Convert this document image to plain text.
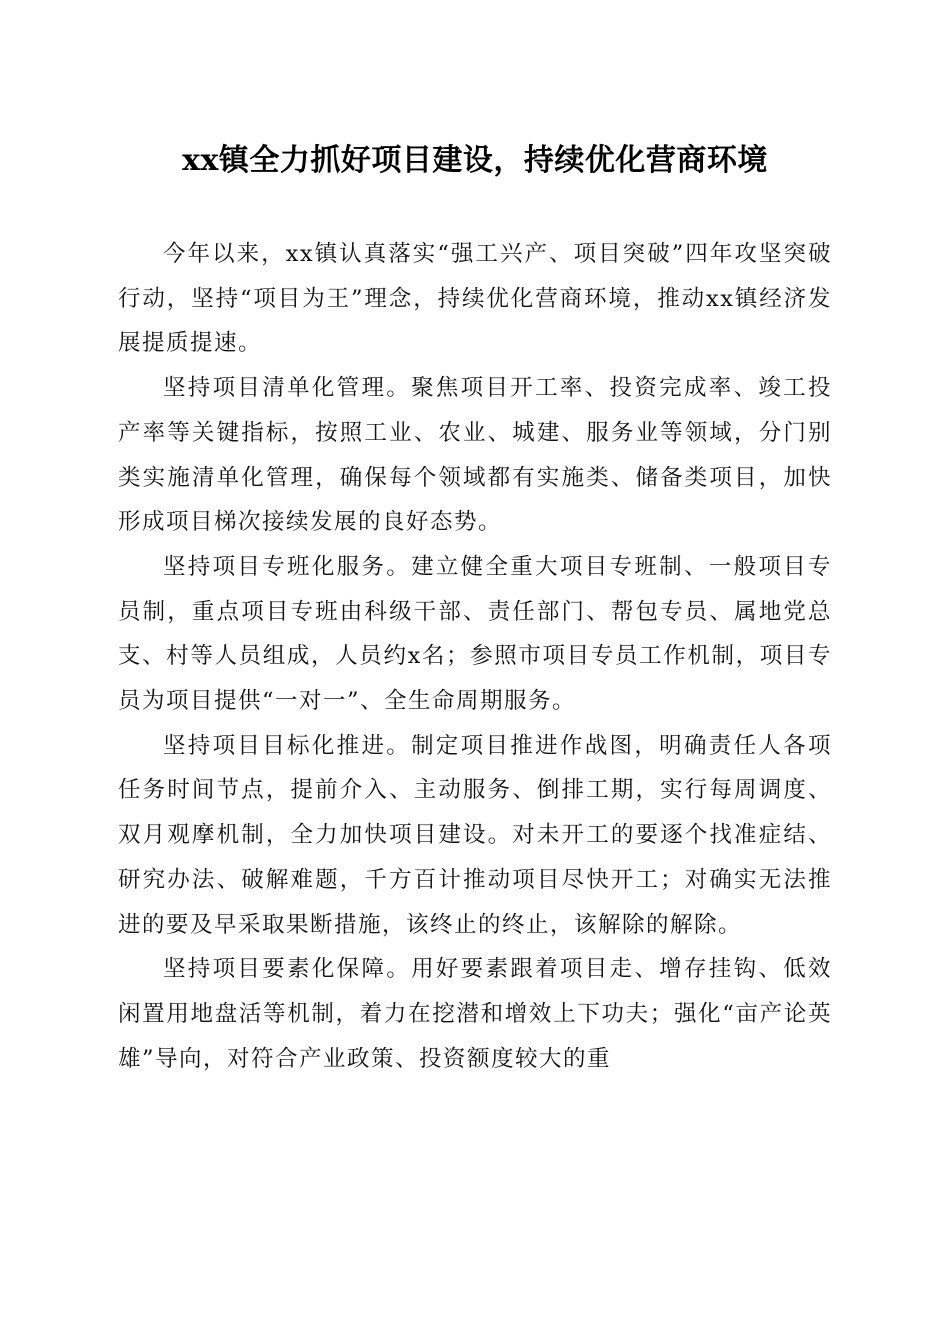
xx镇全力抓好项目建设，持续优化营商环境

今年以来，xx镇认真落实“强工兴产、项目突破”四年攻坚突破行动，坚持“项目为王”理念，持续优化营商环境，推动xx镇经济发展提质提速。

坚持项目清单化管理。聚焦项目开工率、投资完成率、竣工投产率等关键指标，按照工业、农业、城建、服务业等领域，分门别类实施清单化管理，确保每个领域都有实施类、储备类项目，加快形成项目梯次接续发展的良好态势。

坚持项目专班化服务。建立健全重大项目专班制、一般项目专员制，重点项目专班由科级干部、责任部门、帮包专员、属地党总支、村等人员组成，人员约x名；参照市项目专员工作机制，项目专员为项目提供“一对一”、全生命周期服务。

坚持项目目标化推进。制定项目推进作战图，明确责任人各项任务时间节点，提前介入、主动服务、倒排工期，实行每周调度、双月观摩机制，全力加快项目建设。对未开工的要逐个找准症结、研究办法、破解难题，千方百计推动项目尽快开工；对确实无法推进的要及早采取果断措施，该终止的终止，该解除的解除。

坚持项目要素化保障。用好要素跟着项目走、增存挂钩、低效闲置用地盘活等机制，着力在挖潜和增效上下功夫；强化“亩产论英雄”导向，对符合产业政策、投资额度较大的重
